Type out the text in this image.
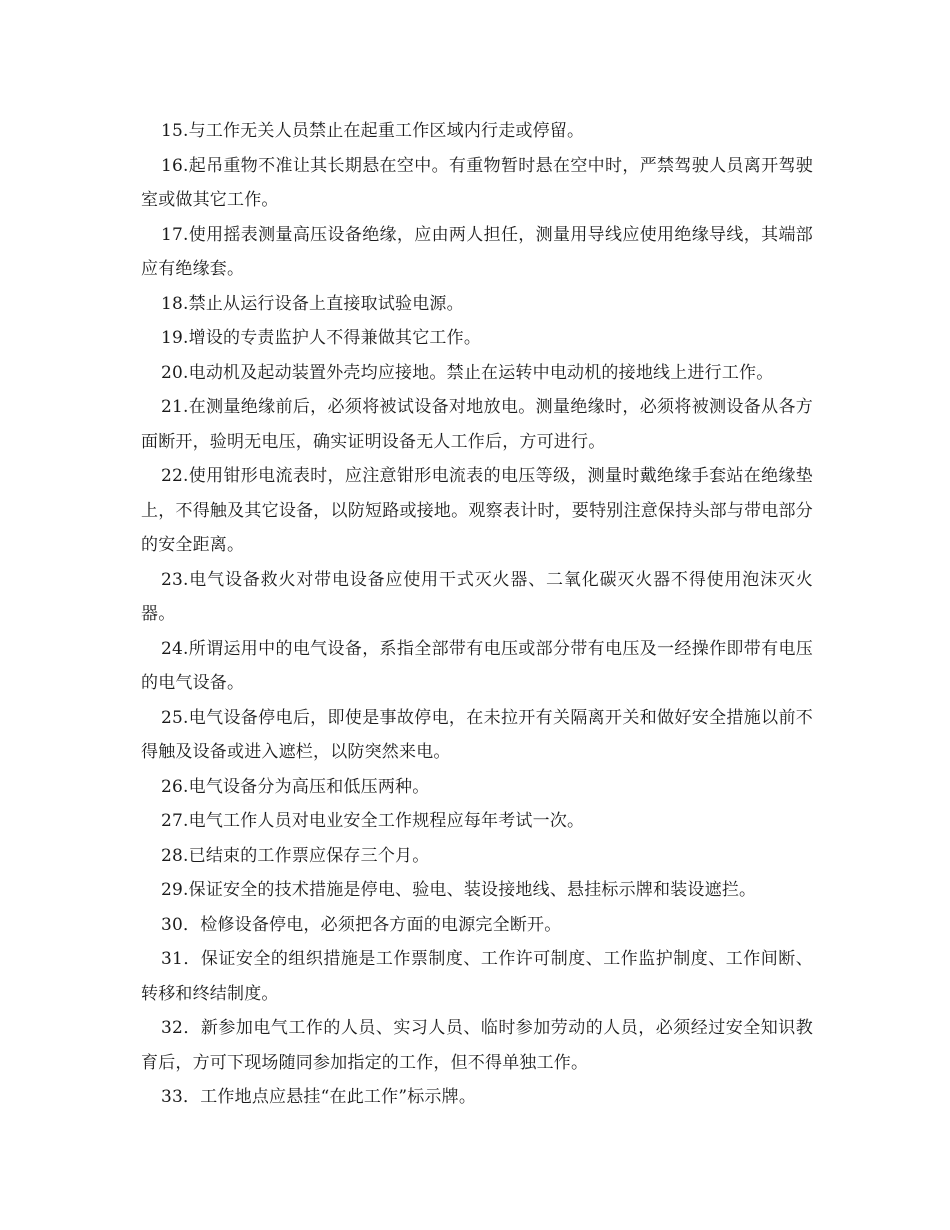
15.与工作无关人员禁止在起重工作区域内行走或停留。

16.起吊重物不准让其长期悬在空中。有重物暂时悬在空中时，严禁驾驶人员离开驾驶室或做其它工作。

17.使用摇表测量高压设备绝缘，应由两人担任，测量用导线应使用绝缘导线，其端部应有绝缘套。

18.禁止从运行设备上直接取试验电源。

19.增设的专责监护人不得兼做其它工作。

20.电动机及起动装置外壳均应接地。禁止在运转中电动机的接地线上进行工作。

21.在测量绝缘前后，必须将被试设备对地放电。测量绝缘时，必须将被测设备从各方面断开，验明无电压，确实证明设备无人工作后，方可进行。

22.使用钳形电流表时，应注意钳形电流表的电压等级，测量时戴绝缘手套站在绝缘垫上，不得触及其它设备，以防短路或接地。观察表计时，要特别注意保持头部与带电部分的安全距离。

23.电气设备救火对带电设备应使用干式灭火器、二氧化碳灭火器不得使用泡沫灭火器。

24.所谓运用中的电气设备，系指全部带有电压或部分带有电压及一经操作即带有电压的电气设备。

25.电气设备停电后，即使是事故停电，在未拉开有关隔离开关和做好安全措施以前不得触及设备或进入遮栏，以防突然来电。

26.电气设备分为高压和低压两种。

27.电气工作人员对电业安全工作规程应每年考试一次。

28.已结束的工作票应保存三个月。

29.保证安全的技术措施是停电、验电、装设接地线、悬挂标示牌和装设遮拦。

30．检修设备停电，必须把各方面的电源完全断开。

31．保证安全的组织措施是工作票制度、工作许可制度、工作监护制度、工作间断、转移和终结制度。

32．新参加电气工作的人员、实习人员、临时参加劳动的人员，必须经过安全知识教育后，方可下现场随同参加指定的工作，但不得单独工作。

33．工作地点应悬挂“在此工作”标示牌。
